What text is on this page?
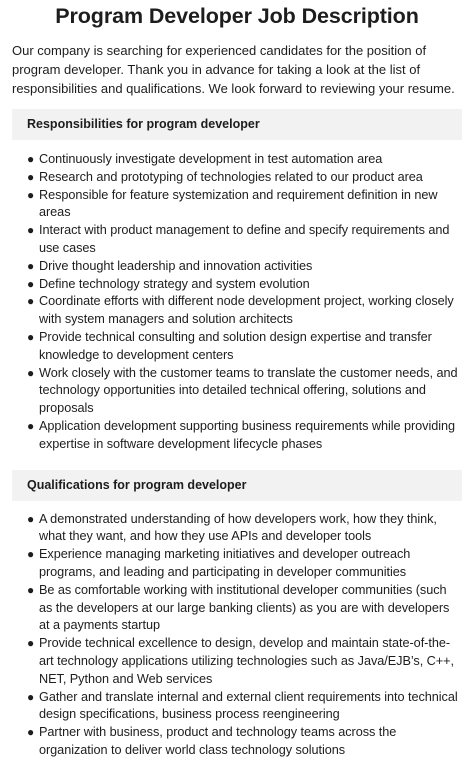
Program Developer Job Description

Our company is searching for experienced candidates for the position of program developer. Thank you in advance for taking a look at the list of responsibilities and qualifications. We look forward to reviewing your resume.

Responsibilities for program developer
● Continuously investigate development in test automation area
● Research and prototyping of technologies related to our product area
● Responsible for feature systemization and requirement definition in new areas
● Interact with product management to define and specify requirements and use cases
● Drive thought leadership and innovation activities
● Define technology strategy and system evolution
● Coordinate efforts with different node development project, working closely with system managers and solution architects
● Provide technical consulting and solution design expertise and transfer knowledge to development centers
● Work closely with the customer teams to translate the customer needs, and technology opportunities into detailed technical offering, solutions and proposals
● Application development supporting business requirements while providing expertise in software development lifecycle phases
Qualifications for program developer
● A demonstrated understanding of how developers work, how they think, what they want, and how they use APIs and developer tools
● Experience managing marketing initiatives and developer outreach programs, and leading and participating in developer communities
● Be as comfortable working with institutional developer communities (such as the developers at our large banking clients) as you are with developers at a payments startup
● Provide technical excellence to design, develop and maintain state-of-the-art technology applications utilizing technologies such as Java/EJB’s, C++, NET, Python and Web services
● Gather and translate internal and external client requirements into technical design specifications, business process reengineering
● Partner with business, product and technology teams across the organization to deliver world class technology solutions
